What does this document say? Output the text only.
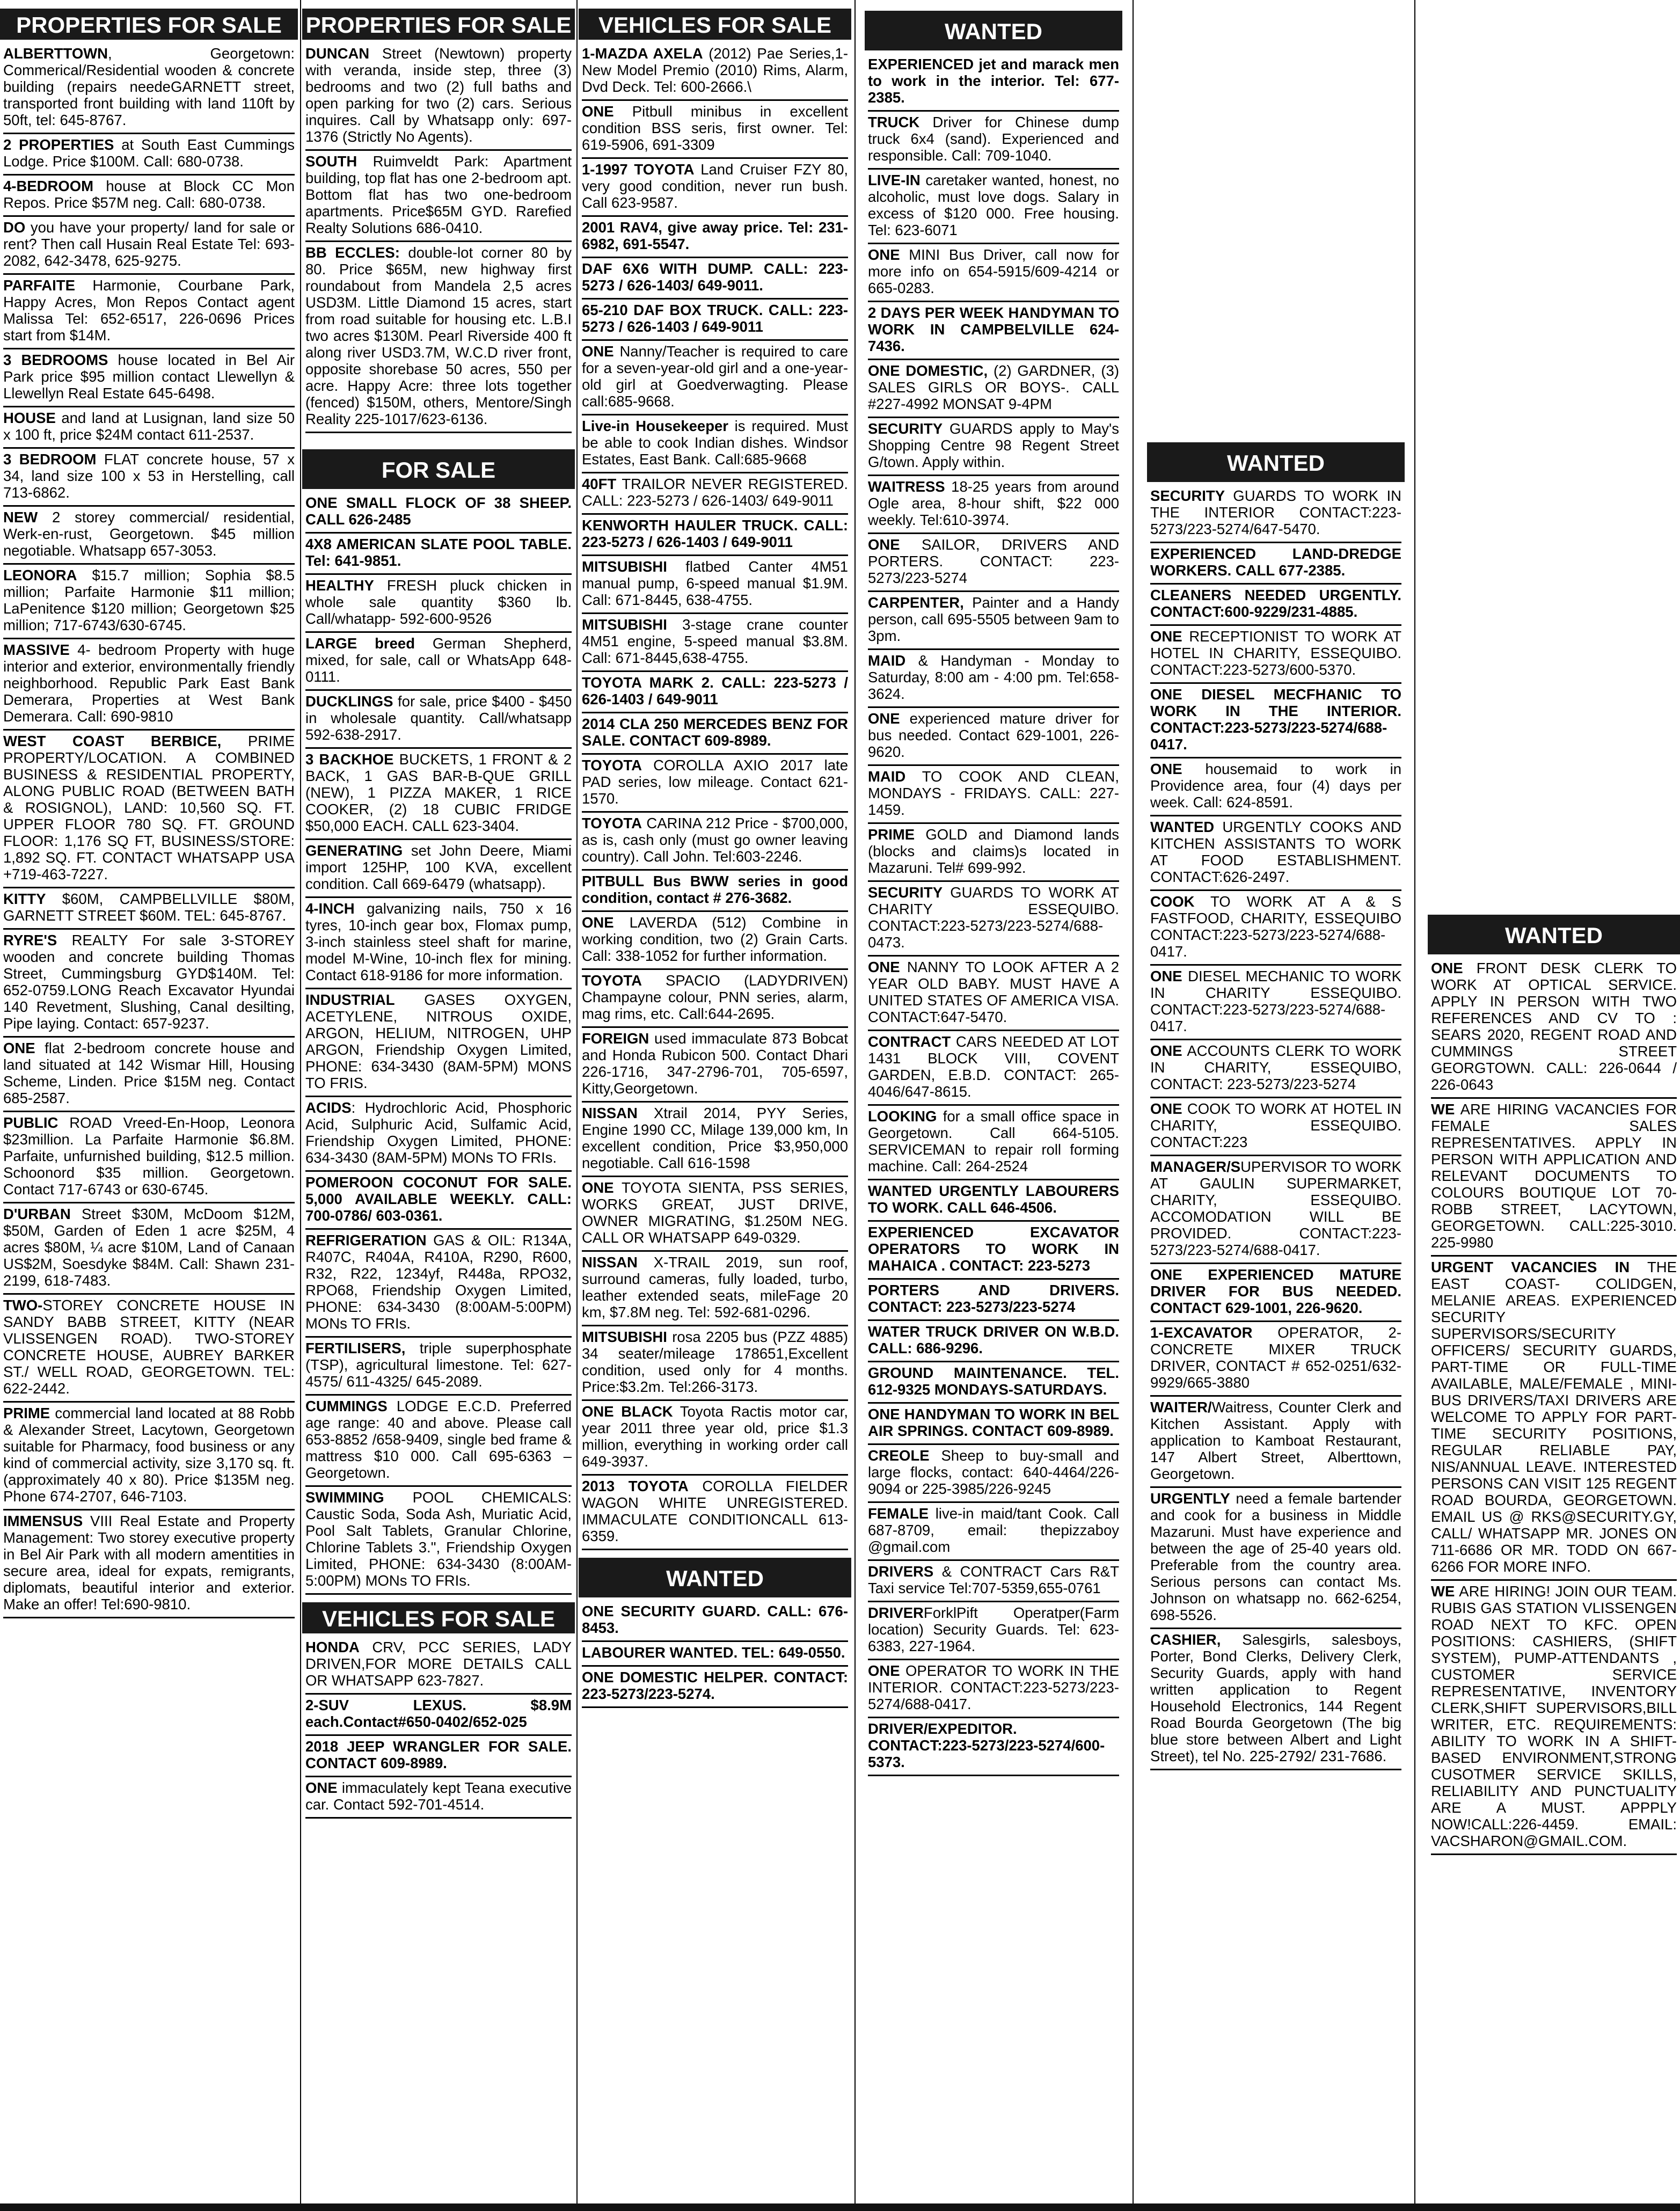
PROPERTIES FOR SALE
ALBERTTOWN, Georgetown: Commerical/Residential wooden & concrete building (repairs needeGARNETT street, transported front building with land 110ft by 50ft, tel: 645-8767.
2 PROPERTIES at South East Cummings Lodge. Price $100M. Call: 680-0738.
4-BEDROOM house at Block CC Mon Repos. Price $57M neg. Call: 680-0738.
DO you have your property/ land for sale or rent? Then call Husain Real Estate Tel: 693-2082, 642-3478, 625-9275.
PARFAITE Harmonie, Courbane Park, Happy Acres, Mon Repos Contact agent Malissa Tel: 652-6517, 226-0696 Prices start from $14M.
3 BEDROOMS house located in Bel Air Park price $95 million contact Llewellyn & Llewellyn Real Estate 645-6498.
HOUSE and land at Lusignan, land size 50 x 100 ft, price $24M contact 611-2537.
3 BEDROOM FLAT concrete house, 57 x 34, land size 100 x 53 in Herstelling, call 713-6862.
NEW 2 storey commercial/ residential, Werk-en-rust, Georgetown. $45 million negotiable. Whatsapp 657-3053.
LEONORA $15.7 million; Sophia $8.5 million; Parfaite Harmonie $11 million; LaPenitence $120 million; Georgetown $25 million; 717-6743/630-6745.
MASSIVE 4- bedroom Property with huge interior and exterior, environmentally friendly neighborhood. Republic Park East Bank Demerara, Properties at West Bank Demerara. Call: 690-9810
WEST COAST BERBICE, PRIME PROPERTY/LOCATION. A COMBINED BUSINESS & RESIDENTIAL PROPERTY, ALONG PUBLIC ROAD (BETWEEN BATH & ROSIGNOL), LAND: 10,560 SQ. FT. UPPER FLOOR 780 SQ. FT. GROUND FLOOR: 1,176 SQ FT, BUSINESS/STORE: 1,892 SQ. FT. CONTACT WHATSAPP USA +719-463-7227.
KITTY $60M, CAMPBELLVILLE $80M, GARNETT STREET $60M. TEL: 645-8767.
RYRE'S REALTY For sale 3-STOREY wooden and concrete building Thomas Street, Cummingsburg GYD$140M. Tel: 652-0759.LONG Reach Excavator Hyundai 140 Revetment, Slushing, Canal desilting, Pipe laying. Contact: 657-9237.
ONE flat 2-bedroom concrete house and land situated at 142 Wismar Hill, Housing Scheme, Linden. Price $15M neg. Contact 685-2587.
PUBLIC ROAD Vreed-En-Hoop, Leonora $23million. La Parfaite Harmonie $6.8M. Parfaite, unfurnished building, $12.5 million. Schoonord $35 million. Georgetown. Contact 717-6743 or 630-6745.
D'URBAN Street $30M, McDoom $12M, $50M, Garden of Eden 1 acre $25M, 4 acres $80M, ¼ acre $10M, Land of Canaan US$2M, Soesdyke $84M. Call: Shawn 231-2199, 618-7483.
TWO-STOREY CONCRETE HOUSE IN SANDY BABB STREET, KITTY (NEAR VLISSENGEN ROAD). TWO-STOREY CONCRETE HOUSE, AUBREY BARKER ST./ WELL ROAD, GEORGETOWN. TEL: 622-2442.
PRIME commercial land located at 88 Robb & Alexander Street, Lacytown, Georgetown suitable for Pharmacy, food business or any kind of commercial activity, size 3,170 sq. ft. (approximately 40 x 80). Price $135M neg. Phone 674-2707, 646-7103.
IMMENSUS VIII Real Estate and Property Management: Two storey executive property in Bel Air Park with all modern amentities in secure area, ideal for expats, remigrants, diplomats, beautiful interior and exterior. Make an offer! Tel:690-9810.
PROPERTIES FOR SALE
DUNCAN Street (Newtown) property with veranda, inside step, three (3) bedrooms and two (2) full baths and open parking for two (2) cars. Serious inquires. Call by Whatsapp only: 697-1376 (Strictly No Agents).
SOUTH Ruimveldt Park: Apartment building, top flat has one 2-bedroom apt. Bottom flat has two one-bedroom apartments. Price$65M GYD. Rarefied Realty Solutions 686-0410.
BB ECCLES: double-lot corner 80 by 80. Price $65M, new highway first roundabout from Mandela 2,5 acres USD3M. Little Diamond 15 acres, start from road suitable for housing etc. L.B.I two acres $130M. Pearl Riverside 400 ft along river USD3.7M, W.C.D river front, opposite shorebase 50 acres, 550 per acre. Happy Acre: three lots together (fenced) $150M, others, Mentore/Singh Reality 225-1017/623-6136.
FOR SALE
ONE SMALL FLOCK OF 38 SHEEP. CALL 626-2485
4X8 AMERICAN SLATE POOL TABLE. Tel: 641-9851.
HEALTHY FRESH pluck chicken in whole sale quantity $360 lb. Call/whatapp- 592-600-9526
LARGE breed German Shepherd, mixed, for sale, call or WhatsApp 648-0111.
DUCKLINGS for sale, price $400 - $450 in wholesale quantity. Call/whatsapp 592-638-2917.
3 BACKHOE BUCKETS, 1 FRONT & 2 BACK, 1 GAS BAR-B-QUE GRILL (NEW), 1 PIZZA MAKER, 1 RICE COOKER, (2) 18 CUBIC FRIDGE $50,000 EACH. CALL 623-3404.
GENERATING set John Deere, Miami import 125HP, 100 KVA, excellent condition. Call 669-6479 (whatsapp).
4-INCH galvanizing nails, 750 x 16 tyres, 10-inch gear box, Flomax pump, 3-inch stainless steel shaft for marine, model M-Wine, 10-inch flex for mining. Contact 618-9186 for more information.
INDUSTRIAL GASES OXYGEN, ACETYLENE, NITROUS OXIDE, ARGON, HELIUM, NITROGEN, UHP ARGON, Friendship Oxygen Limited, PHONE: 634-3430 (8AM-5PM) MONS TO FRIS.
ACIDS: Hydrochloric Acid, Phosphoric Acid, Sulphuric Acid, Sulfamic Acid, Friendship Oxygen Limited, PHONE: 634-3430 (8AM-5PM) MONs TO FRIs.
POMEROON COCONUT FOR SALE. 5,000 AVAILABLE WEEKLY. CALL: 700-0786/ 603-0361.
REFRIGERATION GAS & OIL: R134A, R407C, R404A, R410A, R290, R600, R32, R22, 1234yf, R448a, RPO32, RPO68, Friendship Oxygen Limited, PHONE: 634-3430 (8:00AM-5:00PM) MONs TO FRIs.
FERTILISERS, triple superphosphate (TSP), agricultural limestone. Tel: 627-4575/ 611-4325/ 645-2089.
CUMMINGS LODGE E.C.D. Preferred age range: 40 and above. Please call 653-8852 /658-9409, single bed frame & mattress $10 000. Call 695-6363 – Georgetown.
SWIMMING POOL CHEMICALS: Caustic Soda, Soda Ash, Muriatic Acid, Pool Salt Tablets, Granular Chlorine, Chlorine Tablets 3.", Friendship Oxygen Limited, PHONE: 634-3430 (8:00AM-5:00PM) MONs TO FRIs.
VEHICLES FOR SALE
HONDA CRV, PCC SERIES, LADY DRIVEN,FOR MORE DETAILS CALL OR WHATSAPP 623-7827.
2-SUV LEXUS. $8.9M each.Contact#650-0402/652-025
2018 JEEP WRANGLER FOR SALE. CONTACT 609-8989.
ONE immaculately kept Teana executive car. Contact 592-701-4514.
VEHICLES FOR SALE
1-MAZDA AXELA (2012) Pae Series,1- New Model Premio (2010) Rims, Alarm, Dvd Deck. Tel: 600-2666.\
ONE Pitbull minibus in excellent condition BSS seris, first owner. Tel: 619-5906, 691-3309
1-1997 TOYOTA Land Cruiser FZY 80, very good condition, never run bush. Call 623-9587.
2001 RAV4, give away price. Tel: 231-6982, 691-5547.
DAF 6X6 WITH DUMP. CALL: 223-5273 / 626-1403/ 649-9011.
65-210 DAF BOX TRUCK. CALL: 223-5273 / 626-1403 / 649-9011
ONE Nanny/Teacher is required to care for a seven-year-old girl and a one-year-old girl at Goedverwagting. Please call:685-9668.
Live-in Housekeeper is required. Must be able to cook Indian dishes. Windsor Estates, East Bank. Call:685-9668
40FT TRAILOR NEVER REGISTERED. CALL: 223-5273 / 626-1403/ 649-9011
KENWORTH HAULER TRUCK. CALL: 223-5273 / 626-1403 / 649-9011
MITSUBISHI flatbed Canter 4M51 manual pump, 6-speed manual $1.9M. Call: 671-8445, 638-4755.
MITSUBISHI 3-stage crane counter 4M51 engine, 5-speed manual $3.8M. Call: 671-8445,638-4755.
TOYOTA MARK 2. CALL: 223-5273 / 626-1403 / 649-9011
2014 CLA 250 MERCEDES BENZ FOR SALE. CONTACT 609-8989.
TOYOTA COROLLA AXIO 2017 late PAD series, low mileage. Contact 621-1570.
TOYOTA CARINA 212 Price - $700,000, as is, cash only (must go owner leaving country). Call John. Tel:603-2246.
PITBULL Bus BWW series in good condition, contact # 276-3682.
ONE LAVERDA (512) Combine in working condition, two (2) Grain Carts. Call: 338-1052 for further information.
TOYOTA SPACIO (LADYDRIVEN) Champayne colour, PNN series, alarm, mag rims, etc. Call:644-2695.
FOREIGN used immaculate 873 Bobcat and Honda Rubicon 500. Contact Dhari 226-1716, 347-2796-701, 705-6597, Kitty,Georgetown.
NISSAN Xtrail 2014, PYY Series, Engine 1990 CC, Milage 139,000 km, In excellent condition, Price $3,950,000 negotiable. Call 616-1598
ONE TOYOTA SIENTA, PSS SERIES, WORKS GREAT, JUST DRIVE, OWNER MIGRATING, $1.250M NEG. CALL OR WHATSAPP 649-0329.
NISSAN X-TRAIL 2019, sun roof, surround cameras, fully loaded, turbo, leather extended seats, mileFage 20 km, $7.8M neg. Tel: 592-681-0296.
MITSUBISHI rosa 2205 bus (PZZ 4885) 34 seater/mileage 178651,Excellent condition, used only for 4 months. Price:$3.2m. Tel:266-3173.
ONE BLACK Toyota Ractis motor car, year 2011 three year old, price $1.3 million, everything in working order call 649-3937.
2013 TOYOTA COROLLA FIELDER WAGON WHITE UNREGISTERED. IMMACULATE CONDITIONCALL 613-6359.
WANTED
ONE SECURITY GUARD. CALL: 676-8453.
LABOURER WANTED. TEL: 649-0550.
ONE DOMESTIC HELPER. CONTACT: 223-5273/223-5274.
WANTED
EXPERIENCED jet and marack men to work in the interior. Tel: 677-2385.
TRUCK Driver for Chinese dump truck 6x4 (sand). Experienced and responsible. Call: 709-1040.
LIVE-IN caretaker wanted, honest, no alcoholic, must love dogs. Salary in excess of $120 000. Free housing. Tel: 623-6071
ONE MINI Bus Driver, call now for more info on 654-5915/609-4214 or 665-0283.
2 DAYS PER WEEK HANDYMAN TO WORK IN CAMPBELVILLE 624-7436.
ONE DOMESTIC, (2) GARDNER, (3) SALES GIRLS OR BOYS-. CALL #227-4992 MONSAT 9-4PM
SECURITY GUARDS apply to May's Shopping Centre 98 Regent Street G/town. Apply within.
WAITRESS 18-25 years from around Ogle area, 8-hour shift, $22 000 weekly. Tel:610-3974.
ONE SAILOR, DRIVERS AND PORTERS. CONTACT: 223-5273/223-5274
CARPENTER, Painter and a Handy person, call 695-5505 between 9am to 3pm.
MAID & Handyman - Monday to Saturday, 8:00 am - 4:00 pm. Tel:658-3624.
ONE experienced mature driver for bus needed. Contact 629-1001, 226-9620.
MAID TO COOK AND CLEAN, MONDAYS - FRIDAYS. CALL: 227-1459.
PRIME GOLD and Diamond lands (blocks and claims)s located in Mazaruni. Tel# 699-992.
SECURITY GUARDS TO WORK AT CHARITY ESSEQUIBO. CONTACT:223-5273/223-5274/688-0473.
ONE NANNY TO LOOK AFTER A 2 YEAR OLD BABY. MUST HAVE A UNITED STATES OF AMERICA VISA. CONTACT:647-5470.
CONTRACT CARS NEEDED AT LOT 1431 BLOCK VIII, COVENT GARDEN, E.B.D. CONTACT: 265-4046/647-8615.
LOOKING for a small office space in Georgetown. Call 664-5105. SERVICEMAN to repair roll forming machine. Call: 264-2524
WANTED URGENTLY LABOURERS TO WORK. CALL 646-4506.
EXPERIENCED EXCAVATOR OPERATORS TO WORK IN MAHAICA . CONTACT: 223-5273
PORTERS AND DRIVERS. CONTACT: 223-5273/223-5274
WATER TRUCK DRIVER ON W.B.D. CALL: 686-9296.
GROUND MAINTENANCE. TEL. 612-9325 MONDAYS-SATURDAYS.
ONE HANDYMAN TO WORK IN BEL AIR SPRINGS. CONTACT 609-8989.
CREOLE Sheep to buy-small and large flocks, contact: 640-4464/226-9094 or 225-3985/226-9245
FEMALE live-in maid/tant Cook. Call 687-8709, email: thepizzaboy @gmail.com
DRIVERS & CONTRACT Cars R&T Taxi service Tel:707-5359,655-0761
DRIVERForklPift Operatper(Farm location) Security Guards. Tel: 623-6383, 227-1964.
ONE OPERATOR TO WORK IN THE INTERIOR. CONTACT:223-5273/223-5274/688-0417.
DRIVER/EXPEDITOR. CONTACT:223-5273/223-5274/600-5373.
WANTED
SECURITY GUARDS TO WORK IN THE INTERIOR CONTACT:223-5273/223-5274/647-5470.
EXPERIENCED LAND-DREDGE WORKERS. CALL 677-2385.
CLEANERS NEEDED URGENTLY. CONTACT:600-9229/231-4885.
ONE RECEPTIONIST TO WORK AT HOTEL IN CHARITY, ESSEQUIBO. CONTACT:223-5273/600-5370.
ONE DIESEL MECFHANIC TO WORK IN THE INTERIOR. CONTACT:223-5273/223-5274/688-0417.
ONE housemaid to work in Providence area, four (4) days per week. Call: 624-8591.
WANTED URGENTLY COOKS AND KITCHEN ASSISTANTS TO WORK AT FOOD ESTABLISHMENT. CONTACT:626-2497.
COOK TO WORK AT A & S FASTFOOD, CHARITY, ESSEQUIBO CONTACT:223-5273/223-5274/688-0417.
ONE DIESEL MECHANIC TO WORK IN CHARITY ESSEQUIBO. CONTACT:223-5273/223-5274/688-0417.
ONE ACCOUNTS CLERK TO WORK IN CHARITY, ESSEQUIBO, CONTACT: 223-5273/223-5274
ONE COOK TO WORK AT HOTEL IN CHARITY, ESSEQUIBO. CONTACT:223
MANAGER/SUPERVISOR TO WORK AT GAULIN SUPERMARKET, CHARITY, ESSEQUIBO. ACCOMODATION WILL BE PROVIDED. CONTACT:223-5273/223-5274/688-0417.
ONE EXPERIENCED MATURE DRIVER FOR BUS NEEDED. CONTACT 629-1001, 226-9620.
1-EXCAVATOR OPERATOR, 2- CONCRETE MIXER TRUCK DRIVER, CONTACT # 652-0251/632-9929/665-3880
WAITER/Waitress, Counter Clerk and Kitchen Assistant. Apply with application to Kamboat Restaurant, 147 Albert Street, Alberttown, Georgetown.
URGENTLY need a female bartender and cook for a business in Middle Mazaruni. Must have experience and between the age of 25-40 years old. Preferable from the country area. Serious persons can contact Ms. Johnson on whatsapp no. 662-6254, 698-5526.
CASHIER, Salesgirls, salesboys, Porter, Bond Clerks, Delivery Clerk, Security Guards, apply with hand written application to Regent Household Electronics, 144 Regent Road Bourda Georgetown (The big blue store between Albert and Light Street), tel No. 225-2792/ 231-7686.
WANTED
ONE FRONT DESK CLERK TO WORK AT OPTICAL SERVICE. APPLY IN PERSON WITH TWO REFERENCES AND CV TO : SEARS 2020, REGENT ROAD AND CUMMINGS STREET GEORGTOWN. CALL: 226-0644 / 226-0643
WE ARE HIRING VACANCIES FOR FEMALE SALES REPRESENTATIVES. APPLY IN PERSON WITH APPLICATION AND RELEVANT DOCUMENTS TO COLOURS BOUTIQUE LOT 70-ROBB STREET, LACYTOWN, GEORGETOWN. CALL:225-3010. 225-9980
URGENT VACANCIES IN THE EAST COAST- COLIDGEN, MELANIE AREAS. EXPERIENCED SECURITY SUPERVISORS/SECURITY OFFICERS/ SECURITY GUARDS, PART-TIME OR FULL-TIME AVAILABLE, MALE/FEMALE , MINI-BUS DRIVERS/TAXI DRIVERS ARE WELCOME TO APPLY FOR PART-TIME SECURITY POSITIONS, REGULAR RELIABLE PAY, NIS/ANNUAL LEAVE. INTERESTED PERSONS CAN VISIT 125 REGENT ROAD BOURDA, GEORGETOWN. EMAIL US @ RKS@SECURITY.GY, CALL/ WHATSAPP MR. JONES ON 711-6686 OR MR. TODD ON 667-6266 FOR MORE INFO.
WE ARE HIRING! JOIN OUR TEAM. RUBIS GAS STATION VLISSENGEN ROAD NEXT TO KFC. OPEN POSITIONS: CASHIERS, (SHIFT SYSTEM), PUMP-ATTENDANTS , CUSTOMER SERVICE REPRESENTATIVE, INVENTORY CLERK,SHIFT SUPERVISORS,BILL WRITER, ETC. REQUIREMENTS: ABILITY TO WORK IN A SHIFT-BASED ENVIRONMENT,STRONG CUSOTMER SERVICE SKILLS, RELIABILITY AND PUNCTUALITY ARE A MUST. APPPLY NOW!CALL:226-4459. EMAIL: VACSHARON@GMAIL.COM.
